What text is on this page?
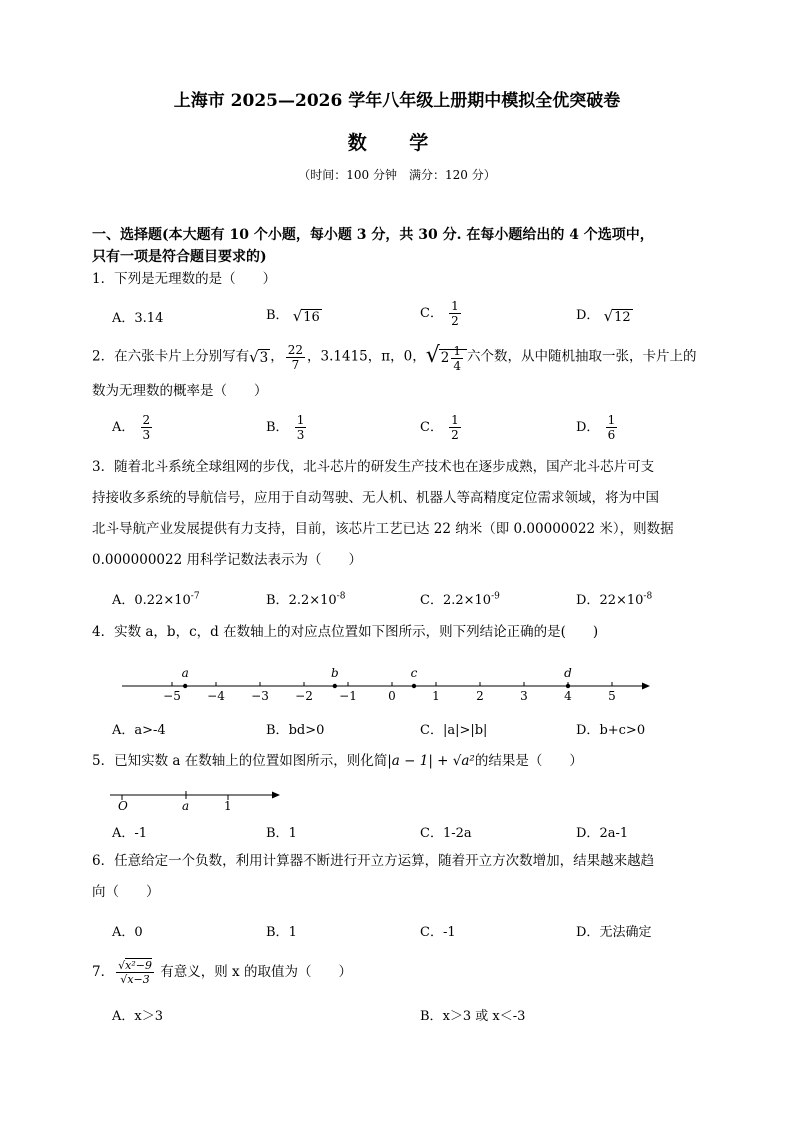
上海市 2025—2026 学年八年级上册期中模拟全优突破卷
数 学
（时间：100 分钟　满分：120 分）
一、选择题(本大题有 10 个小题，每小题 3 分，共 30 分. 在每小题给出的 4 个选项中，
只有一项是符合题目要求的)
1．下列是无理数的是（　　）
A．3.14	B． √16	C． $\frac{1}{2}$	D． √12
2．在六张卡片上分别写有√3 ， $\frac{22}{7}$ ，3.1415，π，0，$√2 \frac{1}{4}$ 六个数，从中随机抽取一张，卡片上的
数为无理数的概率是（　　）
A． $\frac{2}{3}$	B． $\frac{1}{3}$	C． $\frac{1}{2}$	D． $\frac{1}{6}$
3．随着北斗系统全球组网的步伐，北斗芯片的研发生产技术也在逐步成熟，国产北斗芯片可支
持接收多系统的导航信号，应用于自动驾驶、无人机、机器人等高精度定位需求领域，将为中国
北斗导航产业发展提供有力支持，目前，该芯片工艺已达 22 纳米（即 0.00000022 米），则数据
0.000000022 用科学记数法表示为（　　）
A．$0.22\times 10^{-7}$	B．$2.2\times 10^{-8}$	C．$2.2\times 10^{-9}$	D．$22\times 10^{-8}$
4．实数 a，b，c，d 在数轴上的对应点位置如下图所示，则下列结论正确的是(　　)
−5 −4 −3 −2 −1	0	1	2	3	4	5
a	b	c	d
A．a>-4	B．bd>0	C．|a|>|b|	D．b+c>0
5．已知实数 a 在数轴上的位置如图所示，则化简|a − 1| + √a²的结果是（　　）
O	a	1
A．-1	B．1	C．1-2a	D．2a-1
6．任意给定一个负数，利用计算器不断进行开立方运算，随着开立方次数增加，结果越来越趋
向（　　）
A．0	B．1	C．-1	D．无法确定
7． $\frac{\text{√x²−9}}{√x-3}$ 有意义，则 x 的取值为（　　）
A．x＞3	B．x＞3 或 x＜-3
